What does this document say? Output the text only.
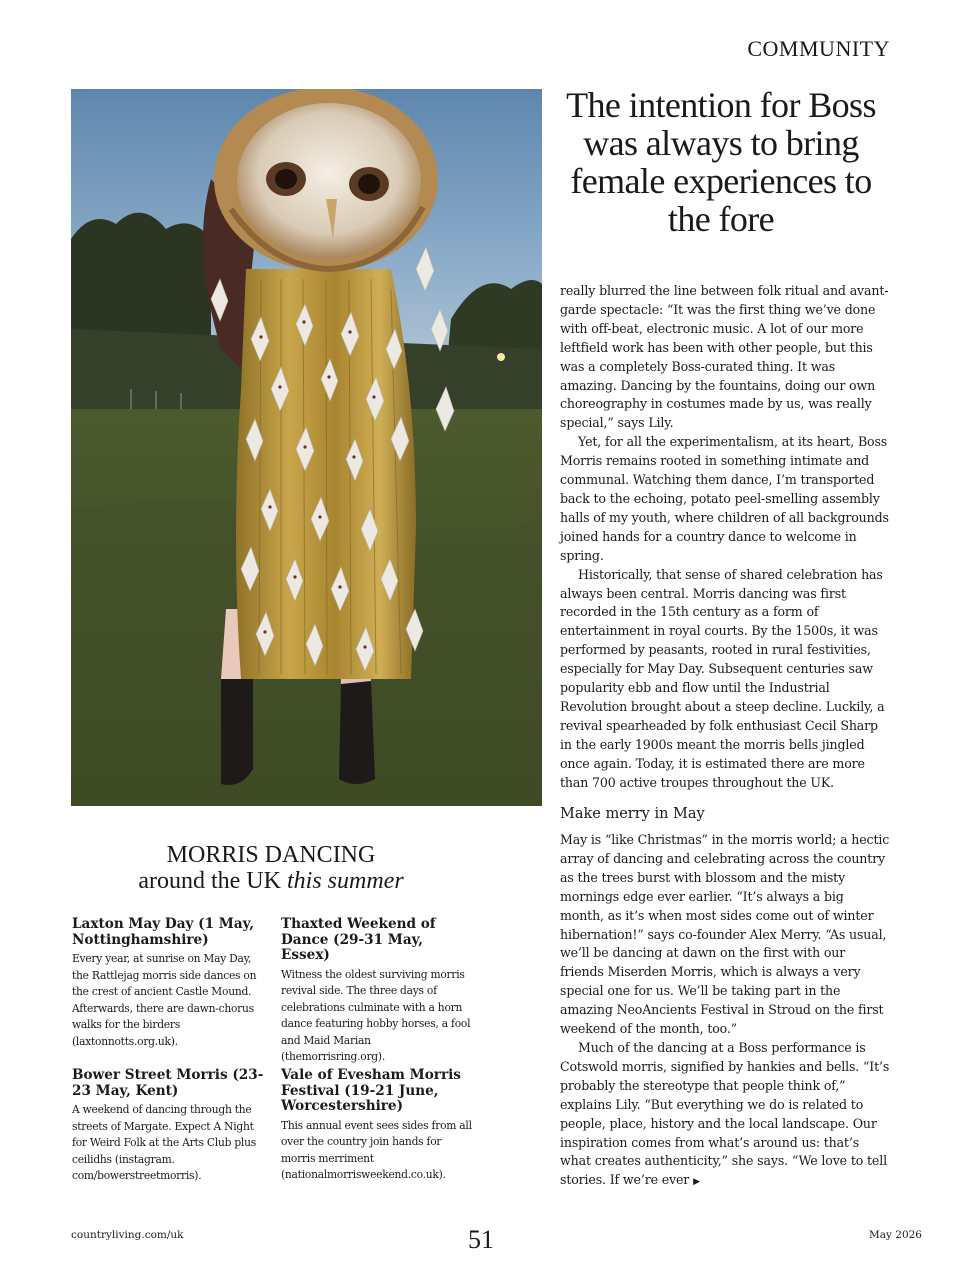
COMMUNITY
The intention for Boss was always to bring female experiences to the fore

really blurred the line between folk ritual and avant-garde spectacle: “It was the first thing we’ve done with off-beat, electronic music. A lot of our more leftfield work has been with other people, but this was a completely Boss-curated thing. It was amazing. Dancing by the fountains, doing our own choreography in costumes made by us, was really special,” says Lily.

Yet, for all the experimentalism, at its heart, Boss Morris remains rooted in something intimate and communal. Watching them dance, I’m transported back to the echoing, potato peel-smelling assembly halls of my youth, where children of all backgrounds joined hands for a country dance to welcome in spring.

Historically, that sense of shared celebration has always been central. Morris dancing was first recorded in the 15th century as a form of entertainment in royal courts. By the 1500s, it was performed by peasants, rooted in rural festivities, especially for May Day. Subsequent centuries saw popularity ebb and flow until the Industrial Revolution brought about a steep decline. Luckily, a revival spearheaded by folk enthusiast Cecil Sharp in the early 1900s meant the morris bells jingled once again. Today, it is estimated there are more than 700 active troupes throughout the UK.

Make merry in May

May is “like Christmas” in the morris world; a hectic array of dancing and celebrating across the country as the trees burst with blossom and the misty mornings edge ever earlier. “It’s always a big month, as it’s when most sides come out of winter hibernation!” says co-founder Alex Merry. “As usual, we’ll be dancing at dawn on the first with our friends Miserden Morris, which is always a very special one for us. We’ll be taking part in the amazing NeoAncients Festival in Stroud on the first weekend of the month, too.”

Much of the dancing at a Boss performance is Cotswold morris, signified by hankies and bells. “It’s probably the stereotype that people think of,” explains Lily. “But everything we do is related to people, place, history and the local landscape. Our inspiration comes from what’s around us: that’s what creates authenticity,” she says. “We love to tell stories. If we’re ever ▶

MORRIS DANCING
around the UK this summer
Laxton May Day (1 May, Nottinghamshire)

Every year, at sunrise on May Day, the Rattlejag morris side dances on the crest of ancient Castle Mound. Afterwards, there are dawn-chorus walks for the birders (laxtonnotts.org.uk).

Thaxted Weekend of Dance (29-31 May, Essex)

Witness the oldest surviving morris revival side. The three days of celebrations culminate with a horn dance featuring hobby horses, a fool and Maid Marian (themorrisring.org).

Bower Street Morris (23-23 May, Kent)

A weekend of dancing through the streets of Margate. Expect A Night for Weird Folk at the Arts Club plus ceilidhs (instagram. com/bowerstreetmorris).

Vale of Evesham Morris Festival (19-21 June, Worcestershire)

This annual event sees sides from all over the country join hands for morris merriment (nationalmorrisweekend.co.uk).

countryliving.com/uk	51	May 2026
